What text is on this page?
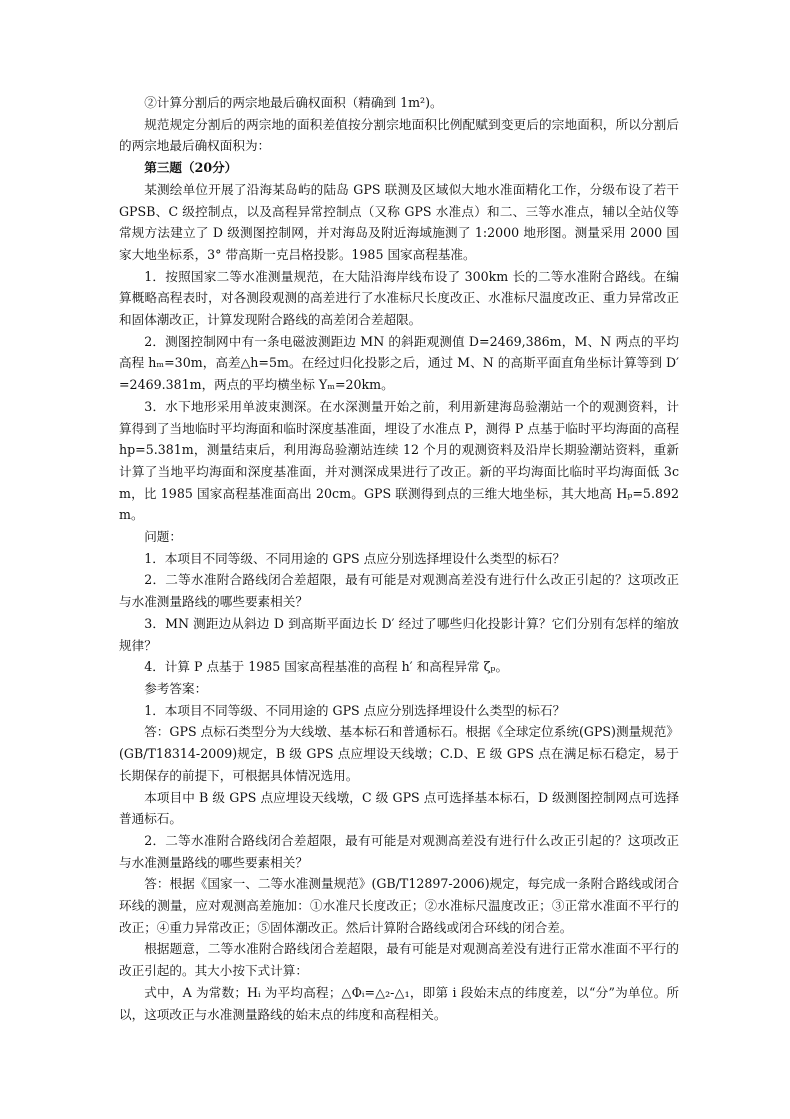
②计算分割后的两宗地最后确权面积（精确到 1m²)。

规范规定分割后的两宗地的面积差值按分割宗地面积比例配赋到变更后的宗地面积，所以分割后的两宗地最后确权面积为：

第三题（20分）

某测绘单位开展了沿海某岛屿的陆岛 GPS 联测及区域似大地水准面精化工作，分级布设了若干 GPSB、C 级控制点，以及高程异常控制点（又称 GPS 水准点）和二、三等水准点，辅以全站仪等常规方法建立了 D 级测图控制网，并对海岛及附近海域施测了 1:2000 地形图。测量采用 2000 国家大地坐标系，3° 带高斯一克吕格投影。1985 国家高程基准。

1．按照国家二等水准测量规范，在大陆沿海岸线布设了 300km 长的二等水准附合路线。在编算概略高程表时，对各测段观测的高差进行了水准标尺长度改正、水准标尺温度改正、重力异常改正和固体潮改正，计算发现附合路线的高差闭合差超限。

2．测图控制网中有一条电磁波测距边 MN 的斜距观测值 D=2469,386m，M、N 两点的平均高程 hₘ=30m，高差△h=5m。在经过归化投影之后，通过 M、N 的高斯平面直角坐标计算等到 D′=2469.381m，两点的平均横坐标 Yₘ=20km。

3．水下地形采用单波束测深。在水深测量开始之前，利用新建海岛验潮站一个的观测资料，计算得到了当地临时平均海面和临时深度基准面，埋设了水准点 P，测得 P 点基于临时平均海面的高程 hp=5.381m，测量结束后，利用海岛验潮站连续 12 个月的观测资料及沿岸长期验潮站资料，重新计算了当地平均海面和深度基准面，并对测深成果进行了改正。新的平均海面比临时平均海面低 3cm，比 1985 国家高程基准面高出 20cm。GPS 联测得到点的三维大地坐标，其大地高 Hₚ=5.892m。

问题：

1．本项目不同等级、不同用途的 GPS 点应分别选择埋设什么类型的标石？

2．二等水准附合路线闭合差超限，最有可能是对观测高差没有进行什么改正引起的？这项改正与水准测量路线的哪些要素相关？

3．MN 测距边从斜边 D 到高斯平面边长 D′ 经过了哪些归化投影计算？它们分别有怎样的缩放规律？

4．计算 P 点基于 1985 国家高程基准的高程 h′ 和高程异常 ζₚ。

参考答案：

1．本项目不同等级、不同用途的 GPS 点应分别选择埋设什么类型的标石？

答：GPS 点标石类型分为大线墩、基本标石和普通标石。根据《全球定位系统(GPS)测量规范》(GB/T18314-2009)规定，B 级 GPS 点应埋设天线墩；C.D、E 级 GPS 点在满足标石稳定，易于长期保存的前提下，可根据具体情况选用。

本项目中 B 级 GPS 点应埋设天线墩，C 级 GPS 点可选择基本标石，D 级测图控制网点可选择普通标石。

2．二等水准附合路线闭合差超限，最有可能是对观测高差没有进行什么改正引起的？这项改正与水准测量路线的哪些要素相关？

答：根据《国家一、二等水准测量规范》(GB/T12897-2006)规定，每完成一条附合路线或闭合环线的测量，应对观测高差施加：①水准尺长度改正；②水准标尺温度改正；③正常水准面不平行的改正；④重力异常改正；⑤固体潮改正。然后计算附合路线或闭合环线的闭合差。

根据题意，二等水准附合路线闭合差超限，最有可能是对观测高差没有进行正常水准面不平行的改正引起的。其大小按下式计算：

式中，A 为常数；Hᵢ 为平均高程；△Φᵢ=△₂-△₁，即第 i 段始末点的纬度差，以“分”为单位。所以，这项改正与水准测量路线的始末点的纬度和高程相关。
